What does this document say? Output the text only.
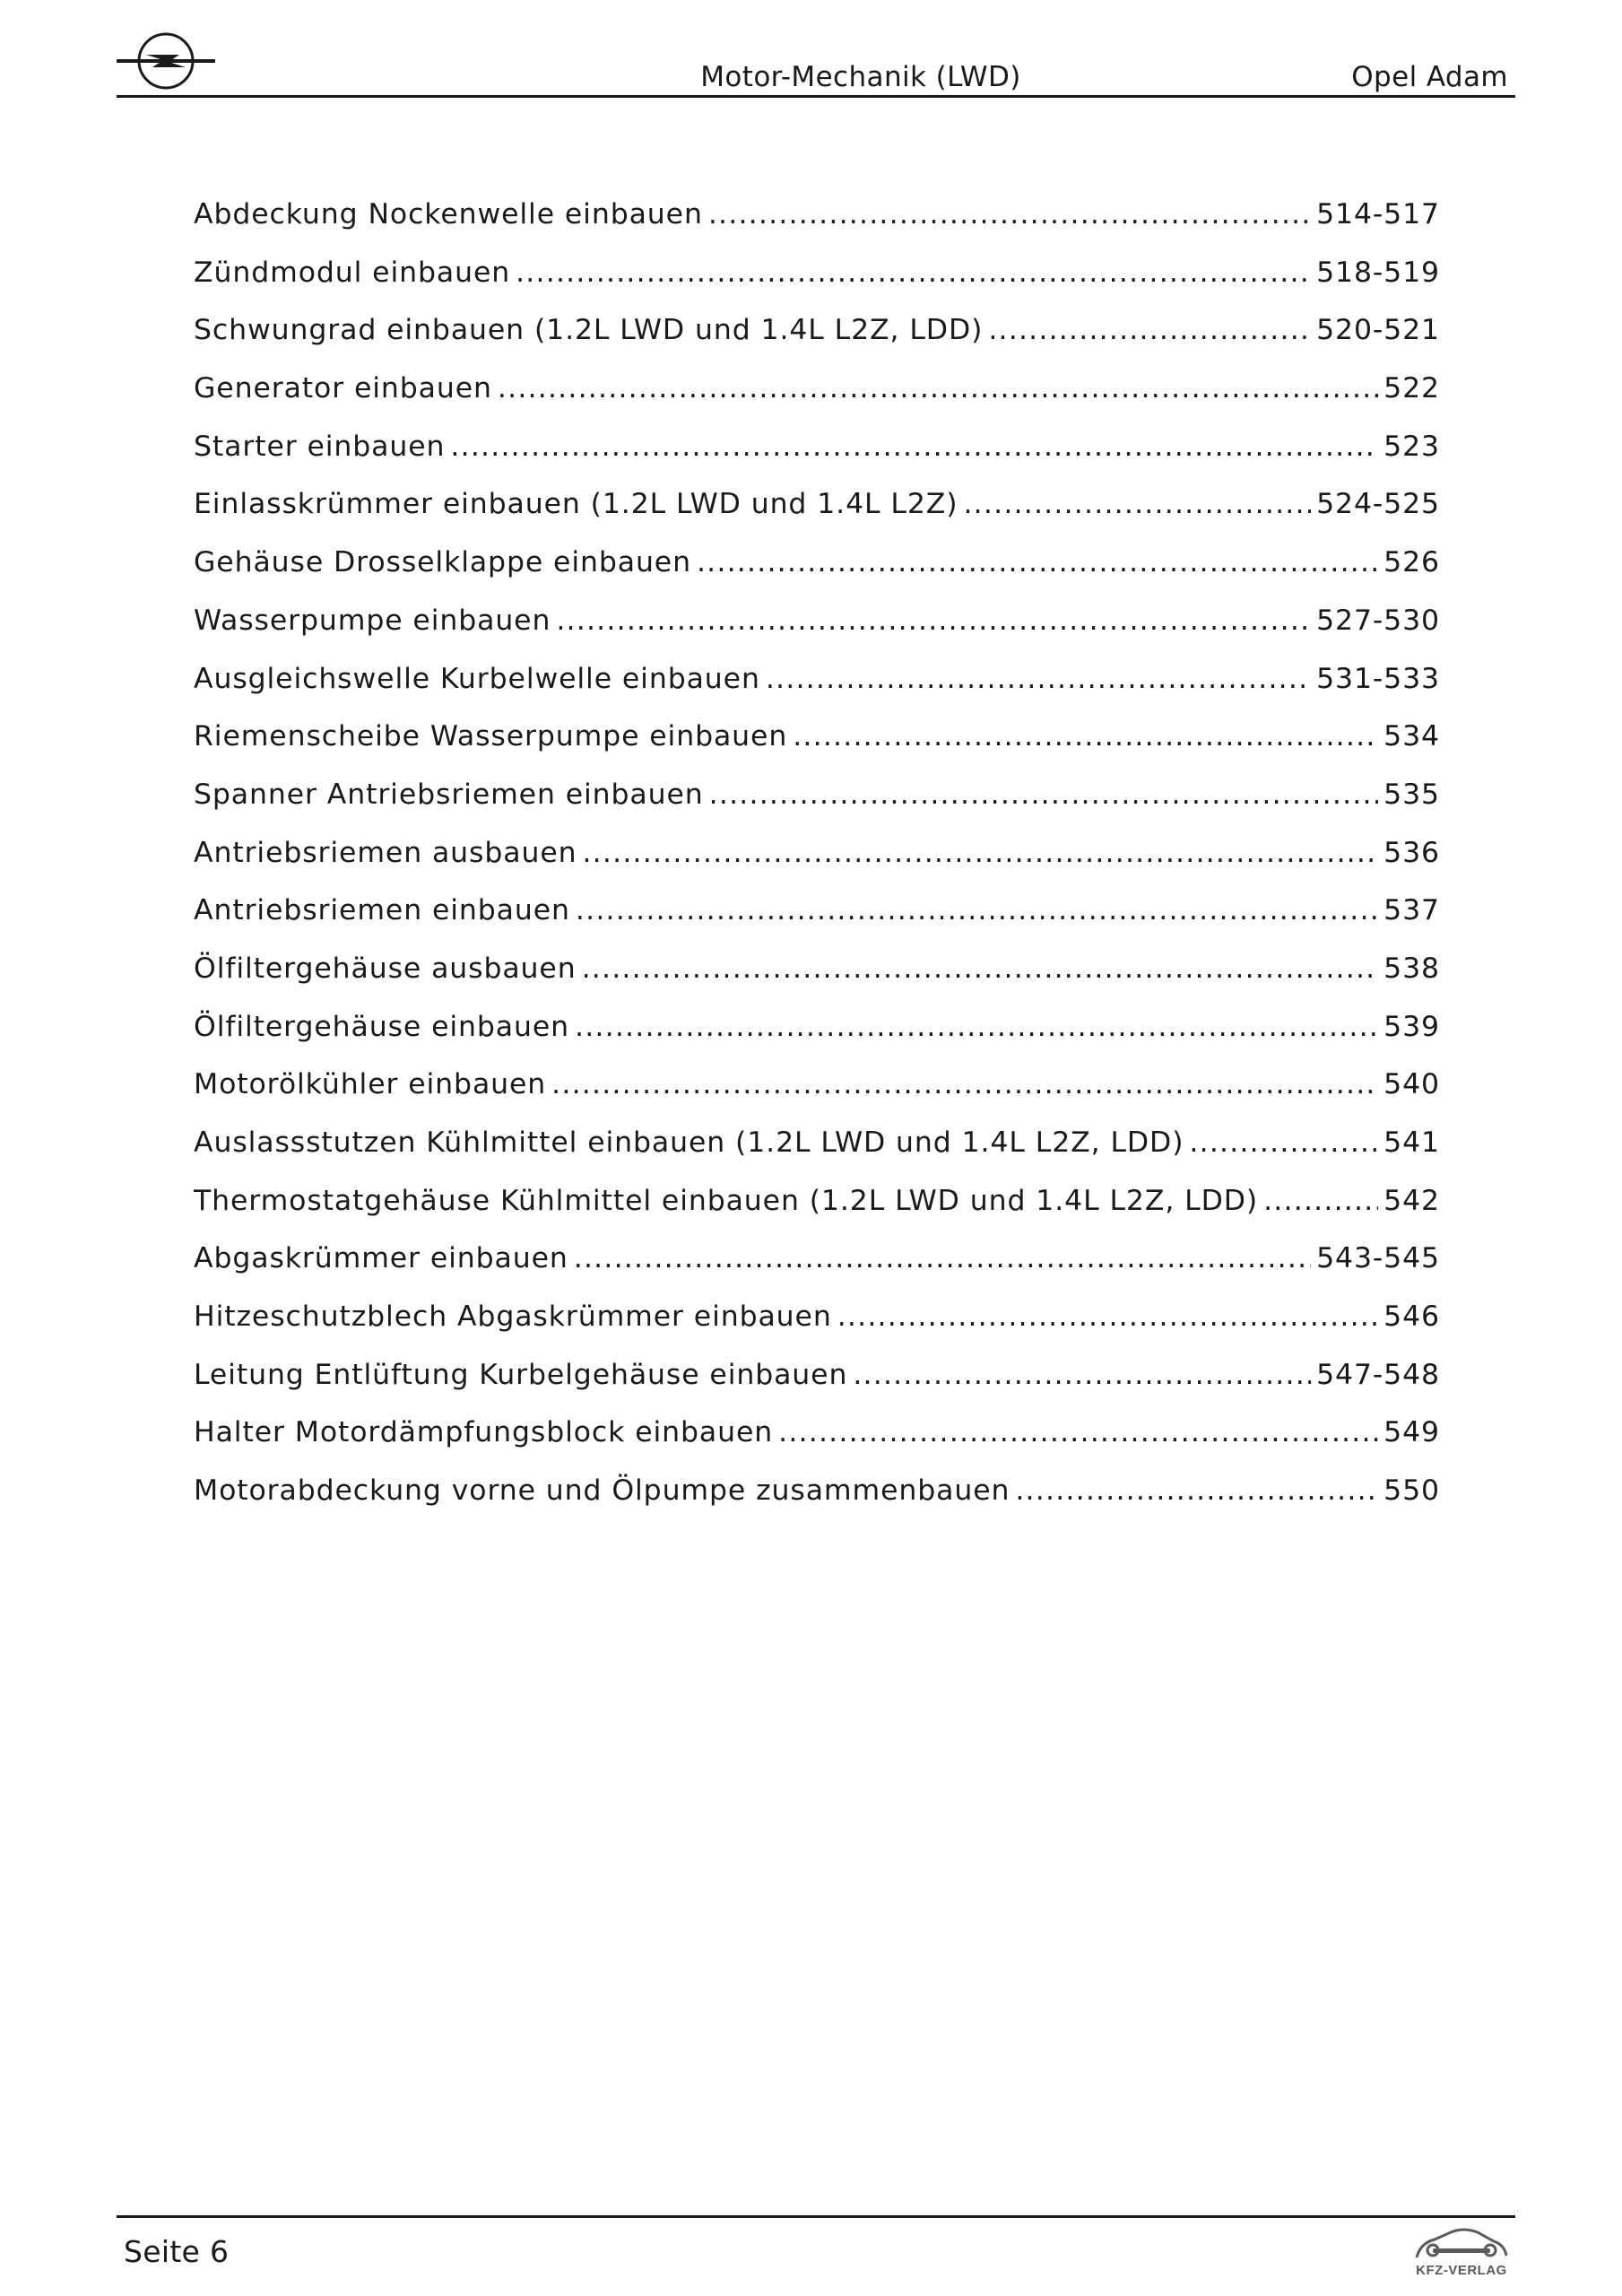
Motor-Mechanik (LWD)	Opel Adam
Abdeckung Nockenwelle einbauen .....	514-517
Zündmodul einbauen .....	518-519
Schwungrad einbauen (1.2L LWD und 1.4L L2Z, LDD) .....	520-521
Generator einbauen .....	522
Starter einbauen .....	523
Einlasskrümmer einbauen (1.2L LWD und 1.4L L2Z) .....	524-525
Gehäuse Drosselklappe einbauen .....	526
Wasserpumpe einbauen .....	527-530
Ausgleichswelle Kurbelwelle einbauen .....	531-533
Riemenscheibe Wasserpumpe einbauen .....	534
Spanner Antriebsriemen einbauen .....	535
Antriebsriemen ausbauen .....	536
Antriebsriemen einbauen .....	537
Ölfiltergehäuse ausbauen .....	538
Ölfiltergehäuse einbauen .....	539
Motorölkühler einbauen .....	540
Auslassstutzen Kühlmittel einbauen (1.2L LWD und 1.4L L2Z, LDD) .....	541
Thermostatgehäuse Kühlmittel einbauen (1.2L LWD und 1.4L L2Z, LDD) .....	542
Abgaskrümmer einbauen .....	543-545
Hitzeschutzblech Abgaskrümmer einbauen .....	546
Leitung Entlüftung Kurbelgehäuse einbauen .....	547-548
Halter Motordämpfungsblock einbauen .....	549
Motorabdeckung vorne und Ölpumpe zusammenbauen .....	550
Seite 6
KFZ-VERLAG
